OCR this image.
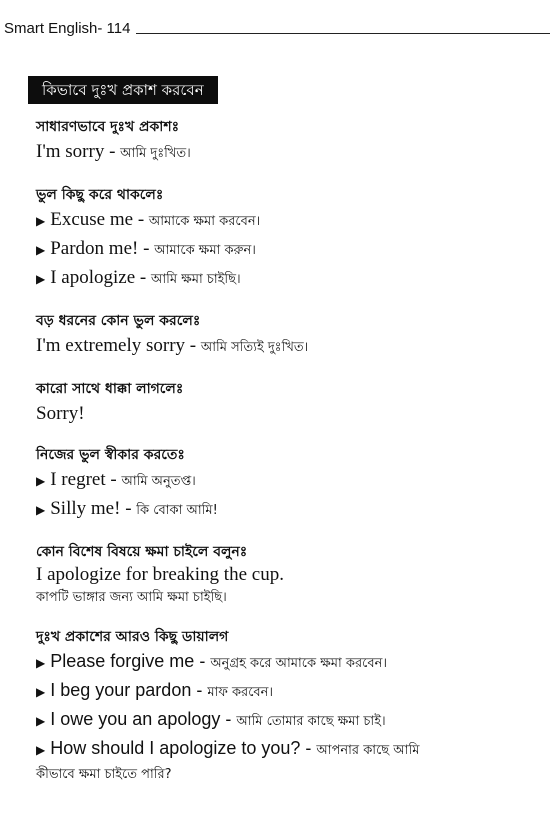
Smart English- 114
কিভাবে দুঃখ প্রকাশ করবেন
সাধারণভাবে দুঃখ প্রকাশঃ
I'm sorry - আমি দুঃখিত।
ভুল কিছু করে থাকলেঃ
▶ Excuse me - আমাকে ক্ষমা করবেন।
▶ Pardon me! - আমাকে ক্ষমা করুন।
▶ I apologize - আমি ক্ষমা চাইছি।
বড় ধরনের কোন ভুল করলেঃ
I'm extremely sorry - আমি সত্যিই দুঃখিত।
কারো সাথে ধাক্কা লাগলেঃ
Sorry!
নিজের ভুল স্বীকার করতেঃ
▶ I regret - আমি অনুতপ্ত।
▶ Silly me! - কি বোকা আমি!
কোন বিশেষ বিষয়ে ক্ষমা চাইলে বলুনঃ
I apologize for breaking the cup.
কাপটি ভাঙ্গার জন্য আমি ক্ষমা চাইছি।
দুঃখ প্রকাশের আরও কিছু ডায়ালগ
▶ Please forgive me - অনুগ্রহ করে আমাকে ক্ষমা করবেন।
▶ I beg your pardon - মাফ করবেন।
▶ I owe you an apology - আমি তোমার কাছে ক্ষমা চাই।
▶ How should I apologize to you? - আপনার কাছে আমি
কীভাবে ক্ষমা চাইতে পারি?
